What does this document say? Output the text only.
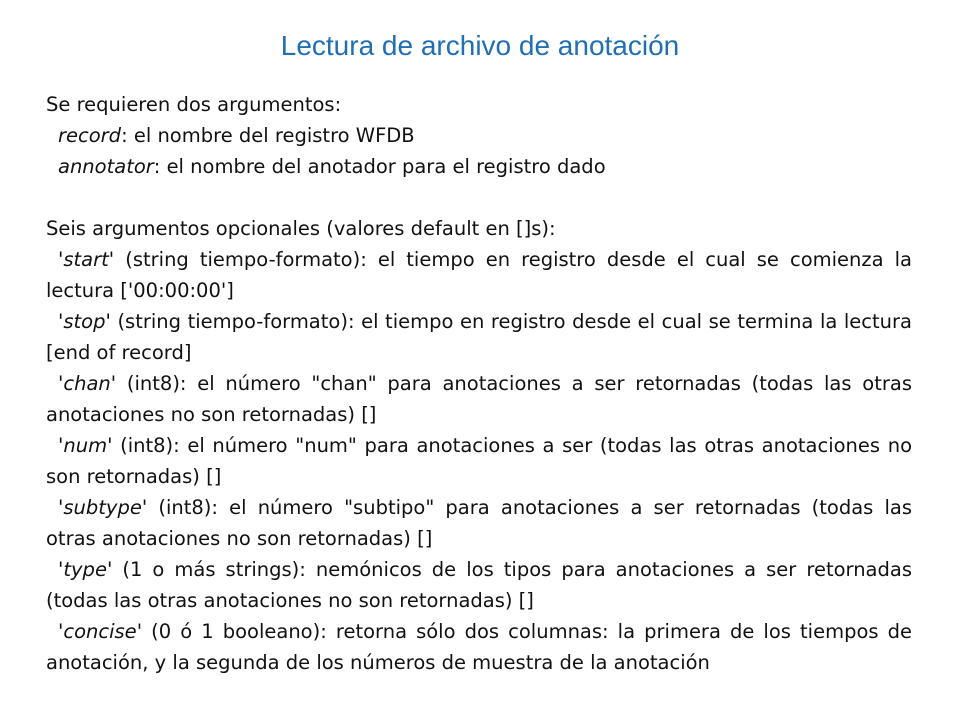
Lectura de archivo de anotación
Se requieren dos argumentos:
record: el nombre del registro WFDB
annotator: el nombre del anotador para el registro dado
Seis argumentos opcionales (valores default en []s):
'start' (string tiempo-formato): el tiempo en registro desde el cual se comienza la lectura ['00:00:00']
'stop' (string tiempo-formato): el tiempo en registro desde el cual se termina la lectura [end of record]
'chan' (int8): el número "chan" para anotaciones a ser retornadas (todas las otras anotaciones no son retornadas) []
'num' (int8): el número "num" para anotaciones a ser (todas las otras anotaciones no son retornadas) []
'subtype' (int8): el número "subtipo" para anotaciones a ser retornadas (todas las otras anotaciones no son retornadas) []
'type' (1 o más strings): nemónicos de los tipos para anotaciones a ser retornadas (todas las otras anotaciones no son retornadas) []
'concise' (0 ó 1 booleano): retorna sólo dos columnas: la primera de los tiempos de anotación, y la segunda de los números de muestra de la anotación
